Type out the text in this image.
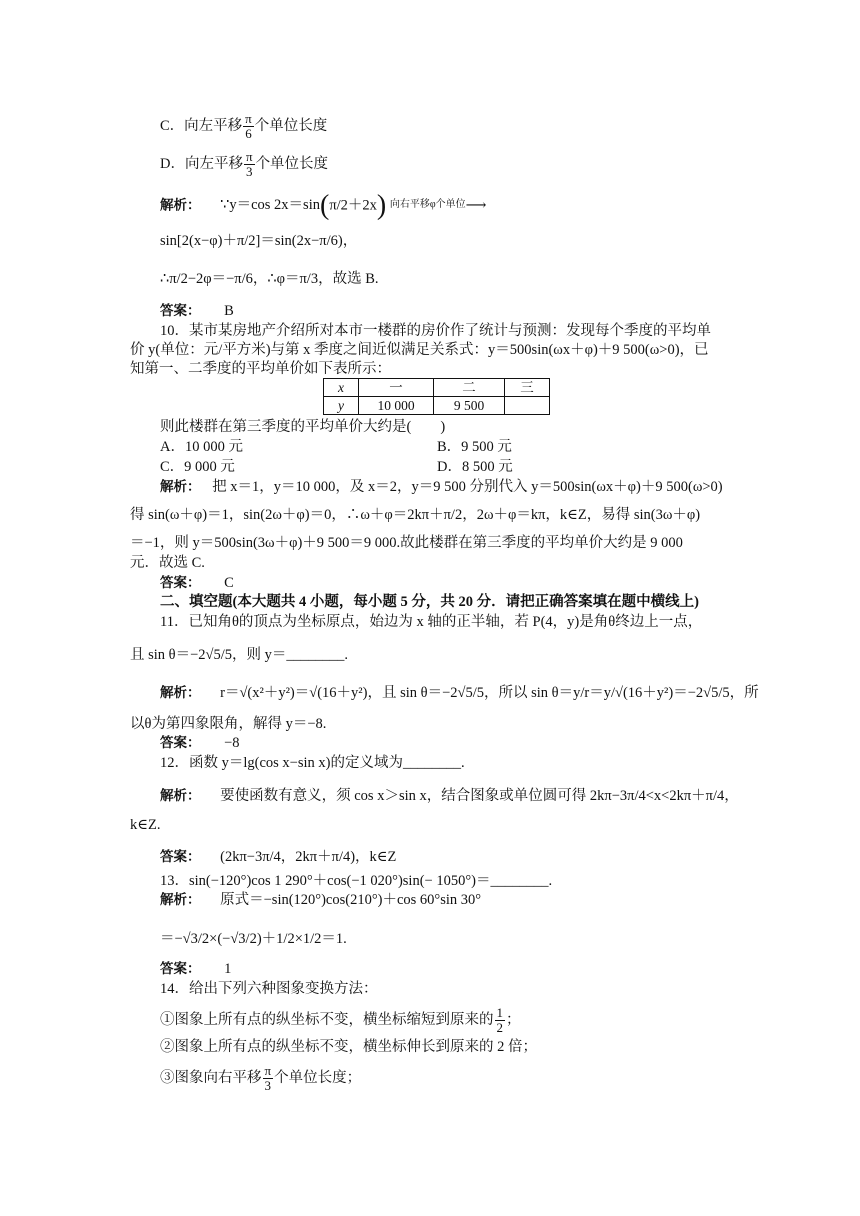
C．向左平移 $\frac{\pi}{6}$ 个单位长度
D．向左平移 $\frac{\pi}{3}$ 个单位长度
解析： ∵y＝cos 2x＝sin(π/2＋2x) $^{向右平移\varphi 个单位}$⟶
sin[2(x−φ)＋π/2]＝sin(2x−π/6)，
∴π/2−2φ＝−π/6，∴φ＝π/3，故选 B.
答案： B
10．某市某房地产介绍所对本市一楼群的房价作了统计与预测：发现每个季度的平均单
价 y(单位：元/平方米)与第 x 季度之间近似满足关系式：y＝500sin(ωx＋φ)＋9 500(ω>0)，已
知第一、二季度的平均单价如下表所示：
x	一	二	三
y	10 000	9 500	
则此楼群在第三季度的平均单价大约是(　　)
A．10 000 元	B．9 500 元
C．9 000 元	D．8 500 元
解析： 把 x＝1，y＝10 000，及 x＝2，y＝9 500 分别代入 y＝500sin(ωx＋φ)＋9 500(ω>0)
得 sin(ω＋φ)＝1，sin(2ω＋φ)＝0，∴ω＋φ＝2kπ＋π/2，2ω＋φ＝kπ，k∈Z，易得 sin(3ω＋φ)
＝−1，则 y＝500sin(3ω＋φ)＋9 500＝9 000.故此楼群在第三季度的平均单价大约是 9 000
元．故选 C.
答案： C
二、填空题(本大题共 4 小题，每小题 5 分，共 20 分．请把正确答案填在题中横线上)
11．已知角θ的顶点为坐标原点，始边为 x 轴的正半轴，若 P(4，y)是角θ终边上一点，
且 sin θ＝−2√5/5，则 y＝________.
解析： r＝√(x²＋y²)＝√(16＋y²)，且 sin θ＝−2√5/5，所以 sin θ＝y/r＝y/√(16＋y²)＝−2√5/5，所
以θ为第四象限角，解得 y＝−8.
答案： −8
12．函数 y＝lg(cos x−sin x)的定义域为________.
解析： 要使函数有意义，须 cos x＞sin x，结合图象或单位圆可得 2kπ−3π/4<x<2kπ＋π/4，
k∈Z.
答案： (2kπ−3π/4，2kπ＋π/4)，k∈Z
13．sin(−120°)cos 1 290°＋cos(−1 020°)sin(− 1050°)＝________.
解析： 原式＝−sin(120°)cos(210°)＋cos 60°sin 30°
＝−√3/2×(−√3/2)＋1/2×1/2＝1.
答案： 1
14．给出下列六种图象变换方法：
①图象上所有点的纵坐标不变，横坐标缩短到原来的 $\frac{1}{2}$ ；
②图象上所有点的纵坐标不变，横坐标伸长到原来的 2 倍；
③图象向右平移 $\frac{\pi}{3}$ 个单位长度；
